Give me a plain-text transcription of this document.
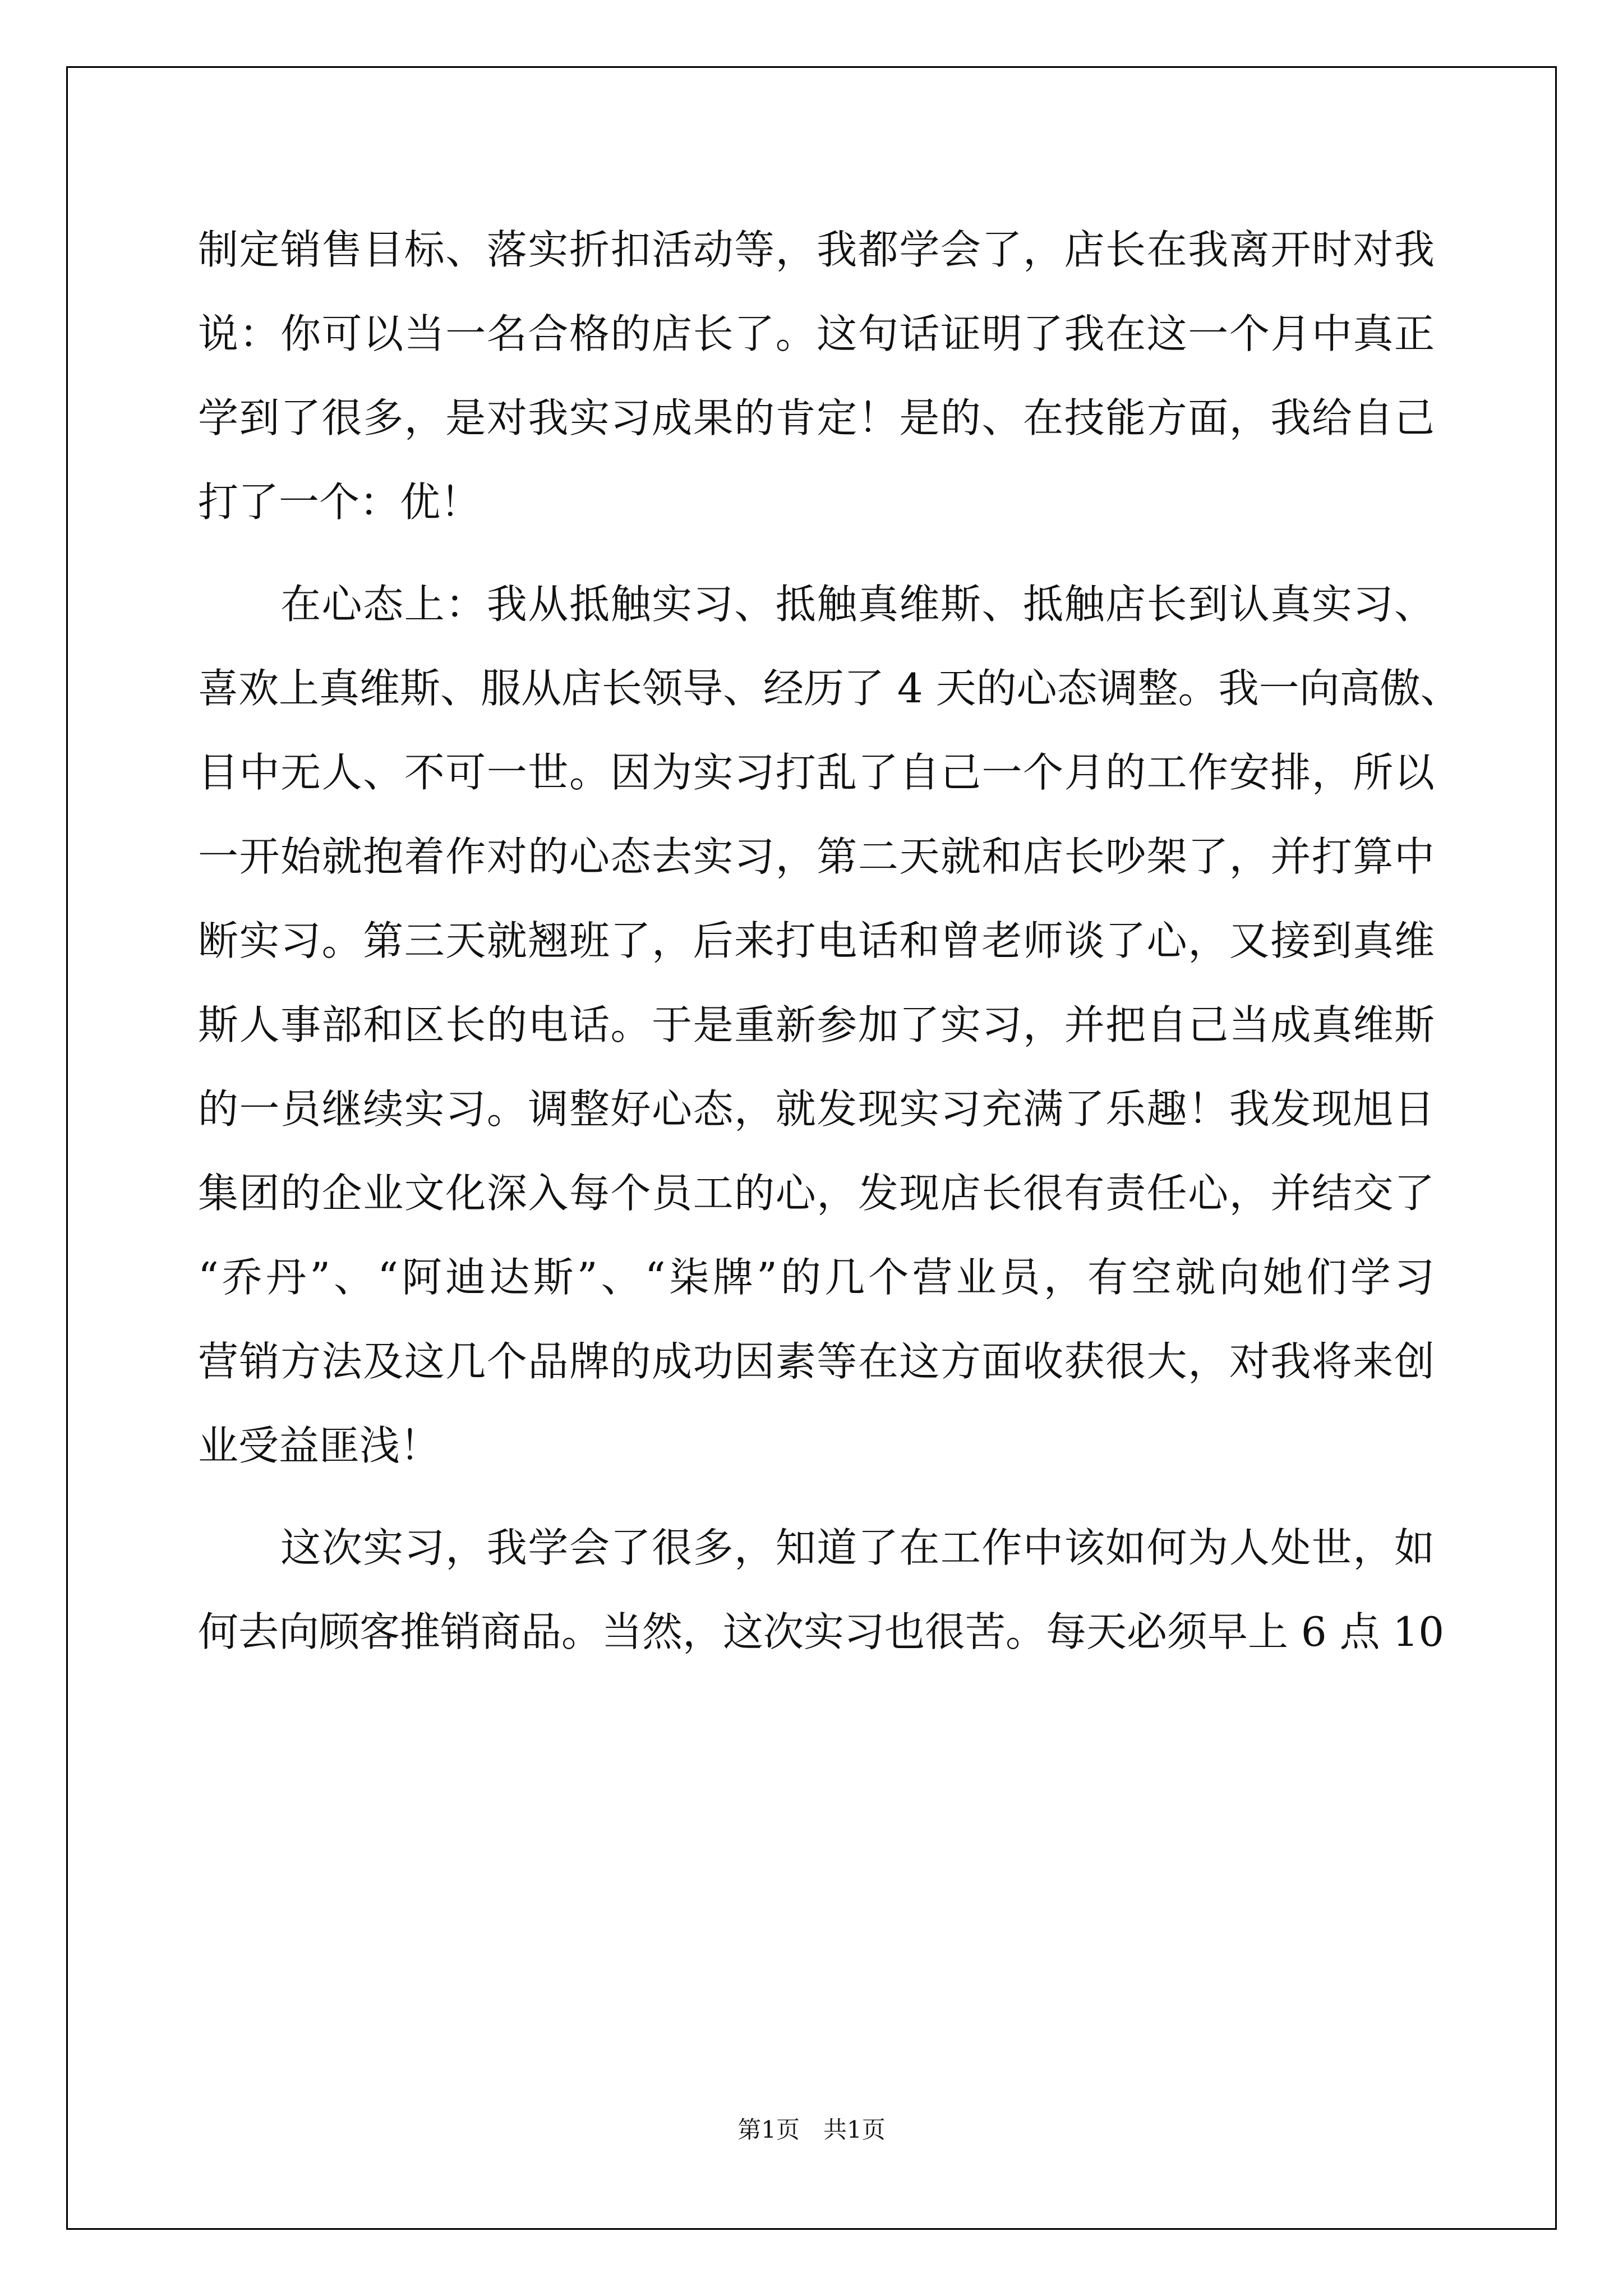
制定销售目标、落实折扣活动等，我都学会了，店长在我离开时对我
说：你可以当一名合格的店长了。这句话证明了我在这一个月中真正
学到了很多，是对我实习成果的肯定！是的、在技能方面，我给自己
打了一个：优！
　　在心态上：我从抵触实习、抵触真维斯、抵触店长到认真实习、
喜欢上真维斯、服从店长领导、经历了 4 天的心态调整。我一向高傲、
目中无人、不可一世。因为实习打乱了自己一个月的工作安排，所以
一开始就抱着作对的心态去实习，第二天就和店长吵架了，并打算中
断实习。第三天就翘班了，后来打电话和曾老师谈了心，又接到真维
斯人事部和区长的电话。于是重新参加了实习，并把自己当成真维斯
的一员继续实习。调整好心态，就发现实习充满了乐趣！我发现旭日
集团的企业文化深入每个员工的心，发现店长很有责任心，并结交了
“乔丹”、“阿迪达斯”、“柒牌”的几个营业员，有空就向她们学习
营销方法及这几个品牌的成功因素等在这方面收获很大，对我将来创
业受益匪浅！
　　这次实习，我学会了很多，知道了在工作中该如何为人处世，如
何去向顾客推销商品。当然，这次实习也很苦。每天必须早上 6 点 10
第1页　共1页
